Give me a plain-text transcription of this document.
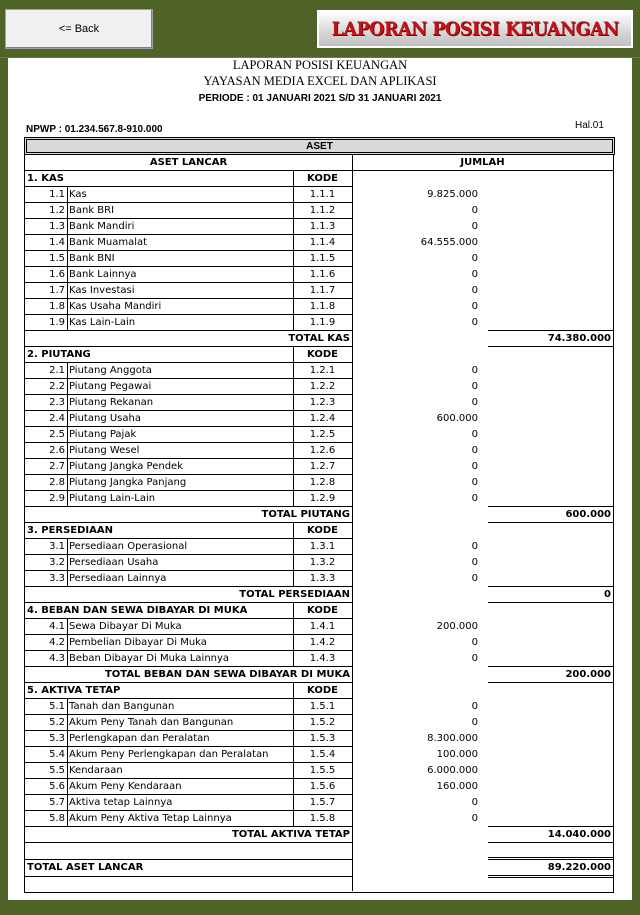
<= Back	LAPORAN POSISI KEUANGAN
LAPORAN POSISI KEUANGAN
YAYASAN MEDIA EXCEL DAN APLIKASI
PERIODE : 01 JANUARI 2021 S/D 31 JANUARI 2021
NPWP : 01.234.567.8-910.000	Hal.01
ASET
ASET LANCAR	JUMLAH
1. KAS	KODE
1.1 Kas	1.1.1	9.825.000
1.2 Bank BRI	1.1.2	0
1.3 Bank Mandiri	1.1.3	0
1.4 Bank Muamalat	1.1.4	64.555.000
1.5 Bank BNI	1.1.5	0
1.6 Bank Lainnya	1.1.6	0
1.7 Kas Investasi	1.1.7	0
1.8 Kas Usaha Mandiri	1.1.8	0
1.9 Kas Lain-Lain	1.1.9	0
TOTAL KAS	74.380.000
2. PIUTANG	KODE
2.1 Piutang Anggota	1.2.1	0
2.2 Piutang Pegawai	1.2.2	0
2.3 Piutang Rekanan	1.2.3	0
2.4 Piutang Usaha	1.2.4	600.000
2.5 Piutang Pajak	1.2.5	0
2.6 Piutang Wesel	1.2.6	0
2.7 Piutang Jangka Pendek	1.2.7	0
2.8 Piutang Jangka Panjang	1.2.8	0
2.9 Piutang Lain-Lain	1.2.9	0
TOTAL PIUTANG	600.000
3. PERSEDIAAN	KODE
3.1 Persediaan Operasional	1.3.1	0
3.2 Persediaan Usaha	1.3.2	0
3.3 Persediaan Lainnya	1.3.3	0
TOTAL PERSEDIAAN	0
4. BEBAN DAN SEWA DIBAYAR DI MUKA	KODE
4.1 Sewa Dibayar Di Muka	1.4.1	200.000
4.2 Pembelian Dibayar Di Muka	1.4.2	0
4.3 Beban Dibayar Di Muka Lainnya	1.4.3	0
TOTAL BEBAN DAN SEWA DIBAYAR DI MUKA	200.000
5. AKTIVA TETAP	KODE
5.1 Tanah dan Bangunan	1.5.1	0
5.2 Akum Peny Tanah dan Bangunan	1.5.2	0
5.3 Perlengkapan dan Peralatan	1.5.3	8.300.000
5.4 Akum Peny Perlengkapan dan Peralatan	1.5.4	100.000
5.5 Kendaraan	1.5.5	6.000.000
5.6 Akum Peny Kendaraan	1.5.6	160.000
5.7 Aktiva tetap Lainnya	1.5.7	0
5.8 Akum Peny Aktiva Tetap Lainnya	1.5.8	0
TOTAL AKTIVA TETAP	14.040.000
TOTAL ASET LANCAR	89.220.000
